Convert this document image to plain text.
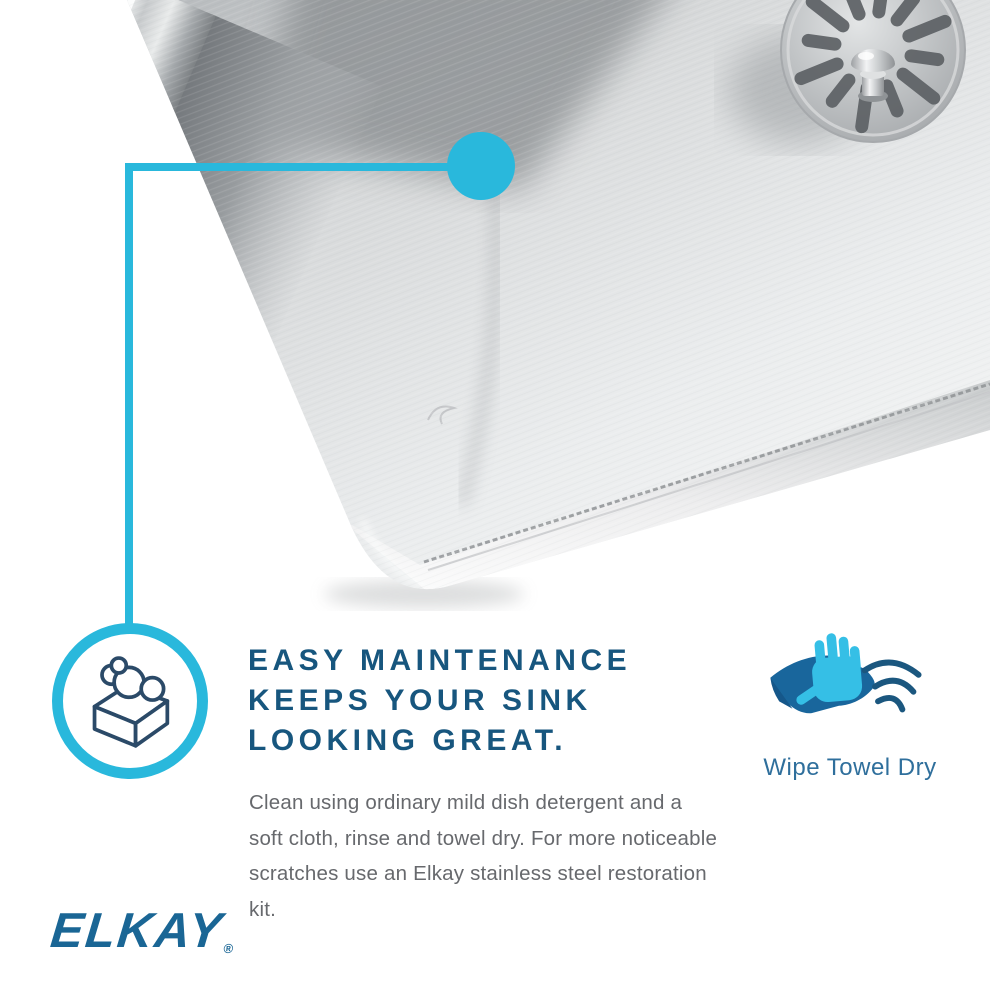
EASY MAINTENANCE
KEEPS YOUR SINK
LOOKING GREAT.
Clean using ordinary mild dish detergent and a
soft cloth, rinse and towel dry. For more noticeable
scratches use an Elkay stainless steel restoration kit.
Wipe Towel Dry
ELKAY
®
